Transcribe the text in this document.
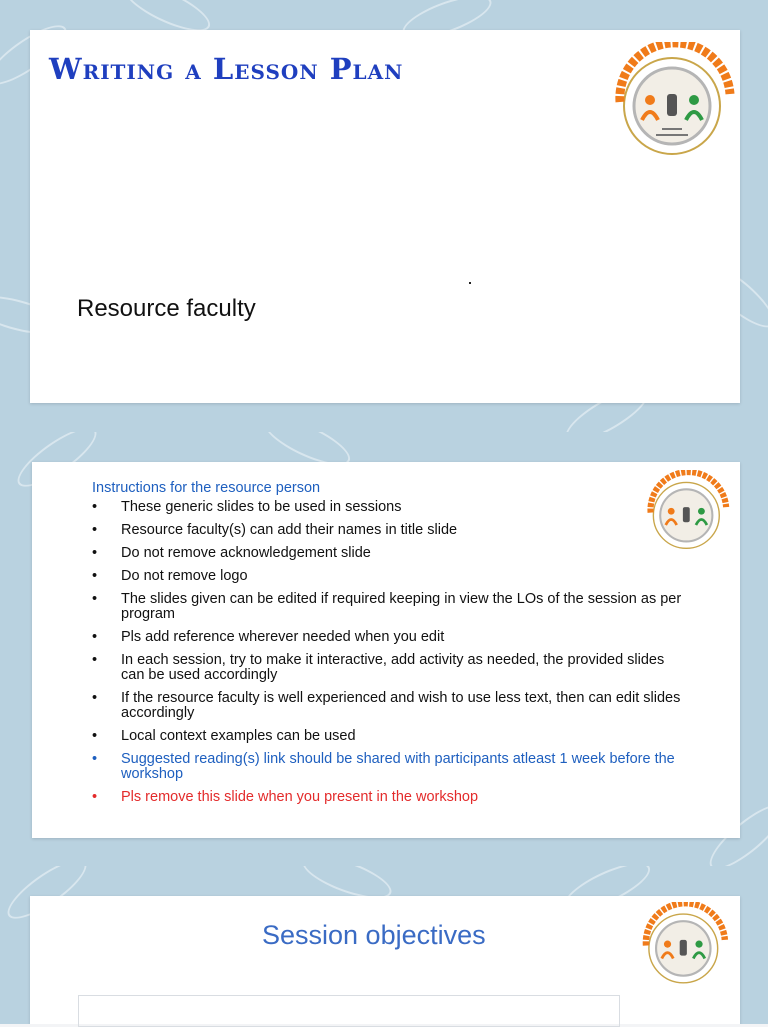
Writing a Lesson Plan
Resource faculty
Instructions for the resource person
• These generic slides to be used in sessions
• Resource faculty(s) can add their names in title slide
• Do not remove acknowledgement slide
• Do not remove logo
• The slides given can be edited if required keeping in view the LOs of the session as per program
• Pls add reference wherever needed when you edit
• In each session, try to make it interactive, add activity as needed, the provided slides can be used accordingly
• If the resource faculty is well experienced and wish to use less text, then can edit slides accordingly
• Local context examples can be used
• Suggested reading(s) link should be shared with participants atleast 1 week before the workshop
• Pls remove this slide when you present in the workshop
Session objectives
